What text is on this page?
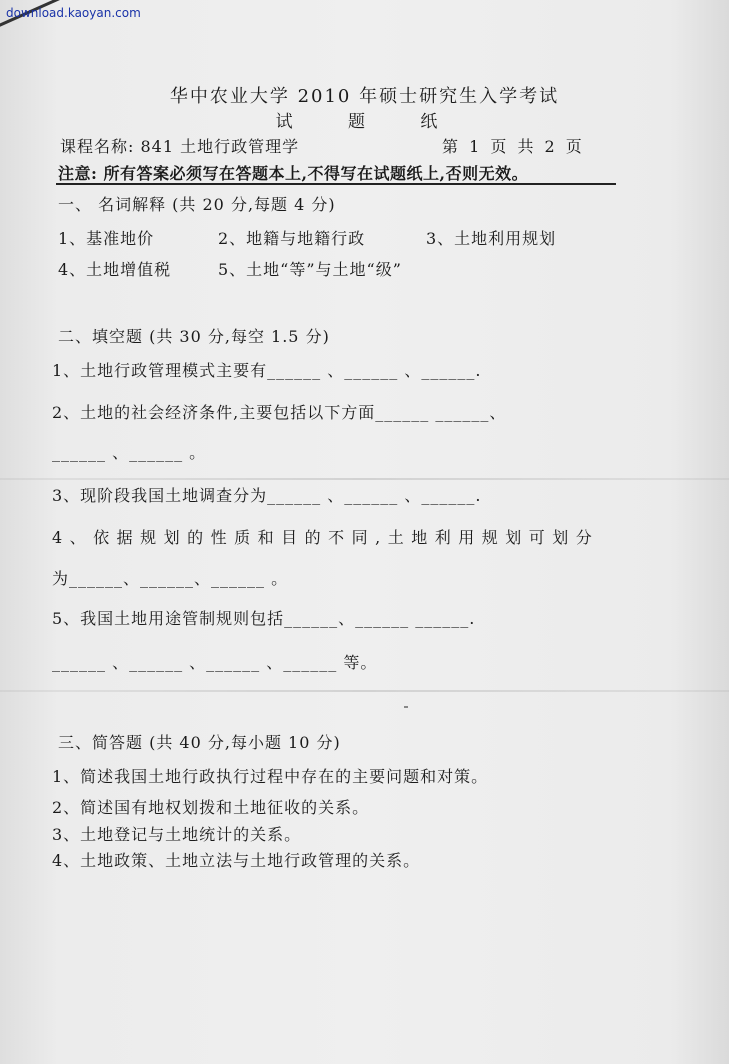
download.kaoyan.com
华中农业大学 2010 年硕士研究生入学考试
试 题 纸
课程名称: 841 土地行政管理学	第 1 页 共 2 页
注意: 所有答案必须写在答题本上,不得写在试题纸上,否则无效。
一、 名词解释 (共 20 分,每题 4 分)
1、基准地价	2、地籍与地籍行政	3、土地利用规划
4、土地增值税	5、土地“等”与土地“级”
二、填空题 (共 30 分,每空 1.5 分)
1、土地行政管理模式主要有______ 、______ 、______.
2、土地的社会经济条件,主要包括以下方面______ ______、
______ 、______ 。
3、现阶段我国土地调查分为______ 、______ 、______.
4、依据规划的性质和目的不同,土地利用规划可划分
为______、______、______ 。
5、我国土地用途管制规则包括______、______ ______.
______ 、______ 、______ 、______ 等。
三、简答题 (共 40 分,每小题 10 分)
1、简述我国土地行政执行过程中存在的主要问题和对策。
2、简述国有地权划拨和土地征收的关系。
3、土地登记与土地统计的关系。
4、土地政策、土地立法与土地行政管理的关系。
